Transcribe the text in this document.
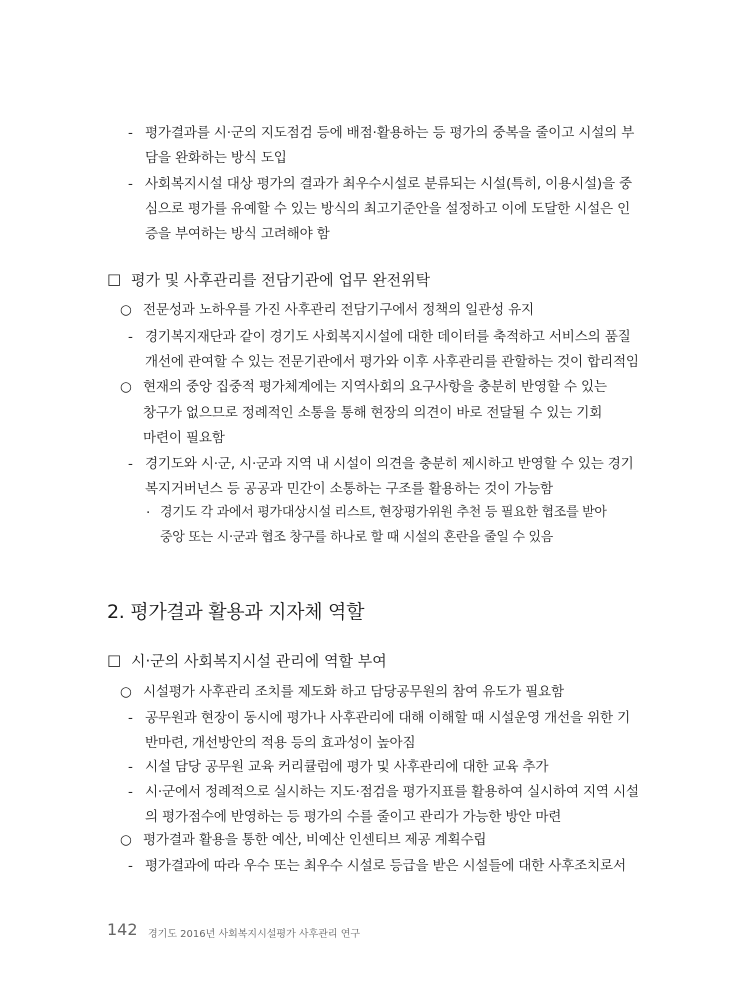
- 평가결과를 시·군의 지도점검 등에 배점·활용하는 등 평가의 중복을 줄이고 시설의 부
담을 완화하는 방식 도입
- 사회복지시설 대상 평가의 결과가 최우수시설로 분류되는 시설(특히, 이용시설)을 중
심으로 평가를 유예할 수 있는 방식의 최고기준안을 설정하고 이에 도달한 시설은 인
증을 부여하는 방식 고려해야 함
□ 평가 및 사후관리를 전담기관에 업무 완전위탁
○ 전문성과 노하우를 가진 사후관리 전담기구에서 정책의 일관성 유지
- 경기복지재단과 같이 경기도 사회복지시설에 대한 데이터를 축적하고 서비스의 품질
개선에 관여할 수 있는 전문기관에서 평가와 이후 사후관리를 관할하는 것이 합리적임
○ 현재의 중앙 집중적 평가체계에는 지역사회의 요구사항을 충분히 반영할 수 있는
창구가 없으므로 정례적인 소통을 통해 현장의 의견이 바로 전달될 수 있는 기회
마련이 필요함
- 경기도와 시·군, 시·군과 지역 내 시설이 의견을 충분히 제시하고 반영할 수 있는 경기
복지거버넌스 등 공공과 민간이 소통하는 구조를 활용하는 것이 가능함
· 경기도 각 과에서 평가대상시설 리스트, 현장평가위원 추천 등 필요한 협조를 받아
중앙 또는 시·군과 협조 창구를 하나로 할 때 시설의 혼란을 줄일 수 있음
2. 평가결과 활용과 지자체 역할
□ 시·군의 사회복지시설 관리에 역할 부여
○ 시설평가 사후관리 조치를 제도화 하고 담당공무원의 참여 유도가 필요함
- 공무원과 현장이 동시에 평가나 사후관리에 대해 이해할 때 시설운영 개선을 위한 기
반마련, 개선방안의 적용 등의 효과성이 높아짐
- 시설 담당 공무원 교육 커리큘럼에 평가 및 사후관리에 대한 교육 추가
- 시·군에서 정례적으로 실시하는 지도·점검을 평가지표를 활용하여 실시하여 지역 시설
의 평가점수에 반영하는 등 평가의 수를 줄이고 관리가 가능한 방안 마련
○ 평가결과 활용을 통한 예산, 비예산 인센티브 제공 계획수립
- 평가결과에 따라 우수 또는 최우수 시설로 등급을 받은 시설들에 대한 사후조치로서
142 경기도 2016년 사회복지시설평가 사후관리 연구
